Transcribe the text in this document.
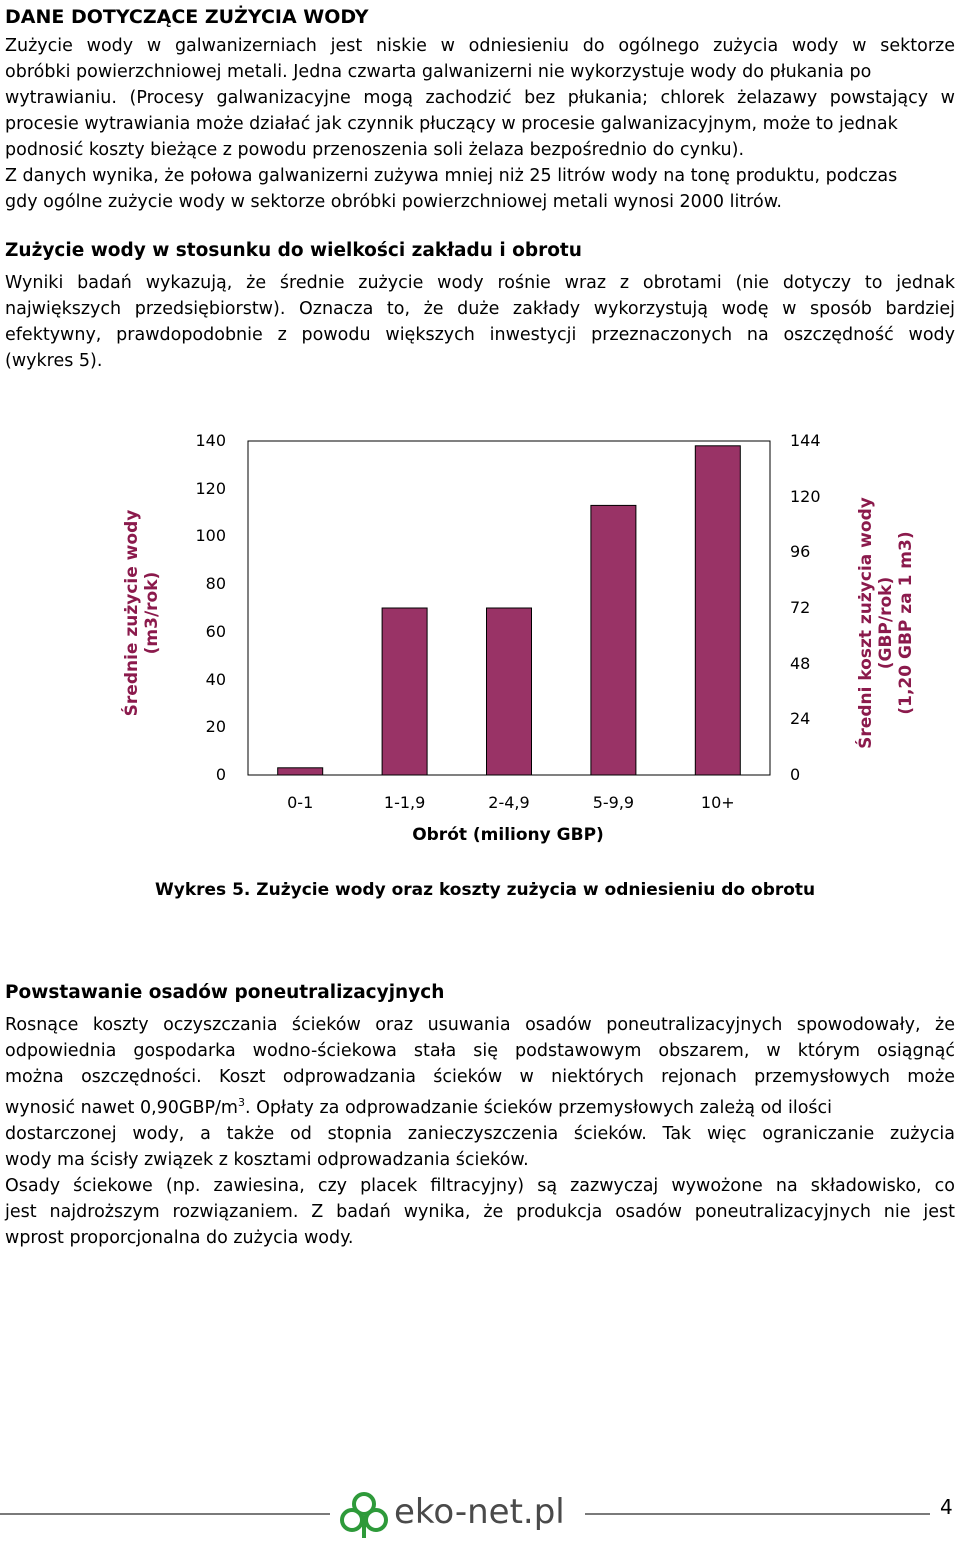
DANE DOTYCZĄCE ZUŻYCIA WODY
Zużycie wody w galwanizerniach jest niskie w odniesieniu do ogólnego zużycia wody w sektorze
obróbki powierzchniowej metali. Jedna czwarta galwanizerni nie wykorzystuje wody do płukania po
wytrawianiu. (Procesy galwanizacyjne mogą zachodzić bez płukania; chlorek żelazawy powstający w
procesie wytrawiania może działać jak czynnik płuczący w procesie galwanizacyjnym, może to jednak
podnosić koszty bieżące z powodu przenoszenia soli żelaza bezpośrednio do cynku).
Z danych wynika, że połowa galwanizerni zużywa mniej niż 25 litrów wody na tonę produktu, podczas
gdy ogólne zużycie wody w sektorze obróbki powierzchniowej metali wynosi 2000 litrów.
Zużycie wody w stosunku do wielkości zakładu i obrotu
Wyniki badań wykazują, że średnie zużycie wody rośnie wraz z obrotami (nie dotyczy to jednak
największych przedsiębiorstw). Oznacza to, że duże zakłady wykorzystują wodę w sposób bardziej
efektywny, prawdopodobnie z powodu większych inwestycji przeznaczonych na oszczędność wody
(wykres 5).
0
20
40
60
80
100
120
140
0
24
48
72
96
120
144
0-1	1-1,9	2-4,9	5-9,9	10+
Średnie zużycie wody (m3/rok)	Średni koszt zużycia wody (GBP/rok) (1,20 GBP za 1 m3)
Obrót (miliony GBP)
Wykres 5. Zużycie wody oraz koszty zużycia w odniesieniu do obrotu
Powstawanie osadów poneutralizacyjnych
Rosnące koszty oczyszczania ścieków oraz usuwania osadów poneutralizacyjnych spowodowały, że
odpowiednia gospodarka wodno-ściekowa stała się podstawowym obszarem, w którym osiągnąć
można oszczędności. Koszt odprowadzania ścieków w niektórych rejonach przemysłowych może
wynosić nawet $0,90GBP/m^3$. Opłaty za odprowadzanie ścieków przemysłowych zależą od ilości
dostarczonej wody, a także od stopnia zanieczyszczenia ścieków. Tak więc ograniczanie zużycia
wody ma ścisły związek z kosztami odprowadzania ścieków.
Osady ściekowe (np. zawiesina, czy placek filtracyjny) są zazwyczaj wywożone na składowisko, co
jest najdroższym rozwiązaniem. Z badań wynika, że produkcja osadów poneutralizacyjnych nie jest
wprost proporcjonalna do zużycia wody.
eko-net.pl	4
